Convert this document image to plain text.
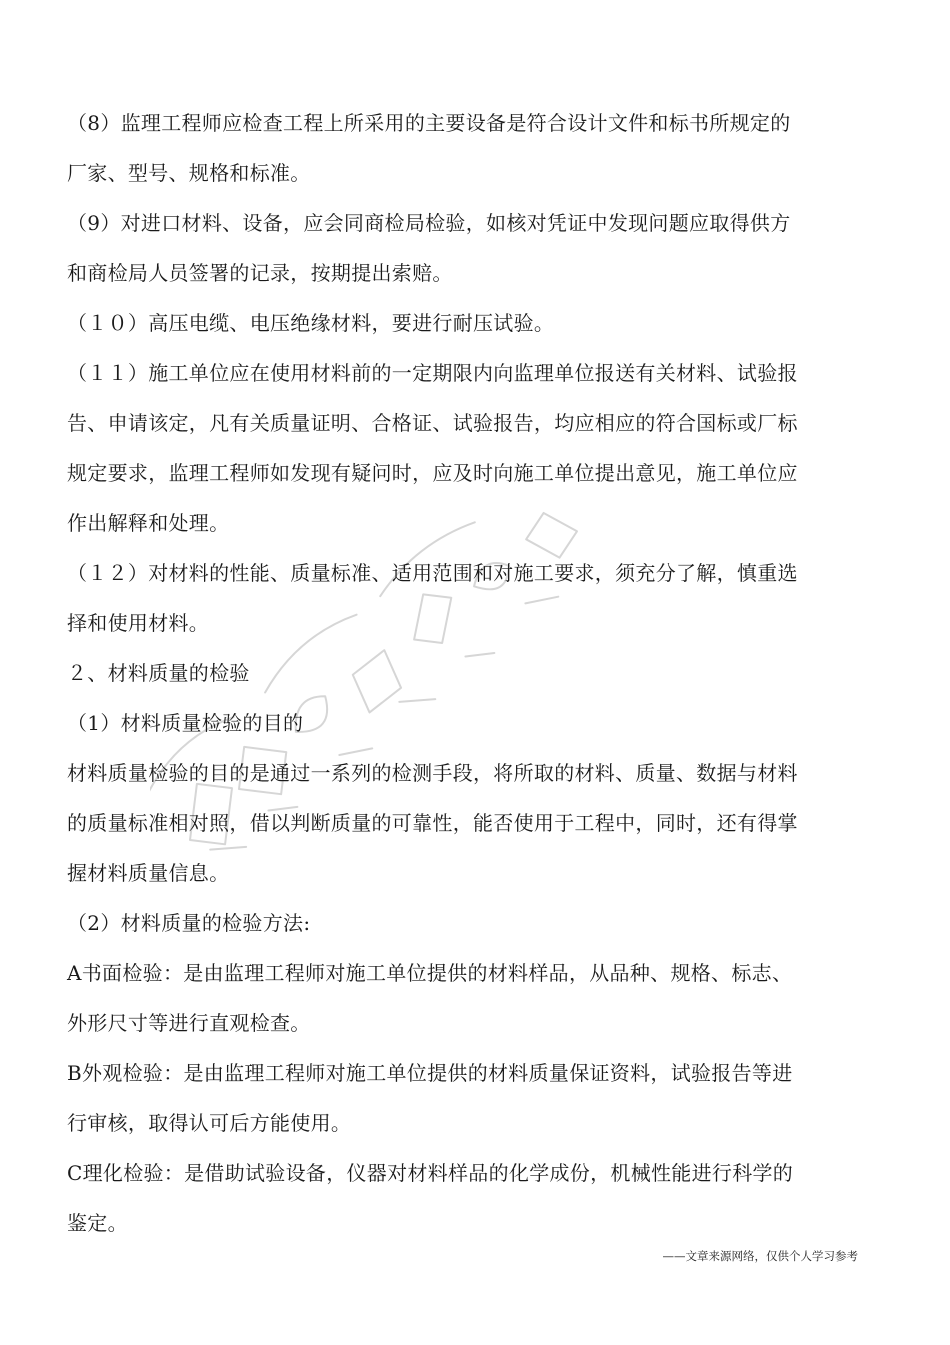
（8）监理工程师应检查工程上所采用的主要设备是符合设计文件和标书所规定的
厂家、型号、规格和标准。
（9）对进口材料、设备，应会同商检局检验，如核对凭证中发现问题应取得供方
和商检局人员签署的记录，按期提出索赔。
（１０）高压电缆、电压绝缘材料，要进行耐压试验。
（１１）施工单位应在使用材料前的一定期限内向监理单位报送有关材料、试验报
告、申请该定，凡有关质量证明、合格证、试验报告，均应相应的符合国标或厂标
规定要求，监理工程师如发现有疑问时，应及时向施工单位提出意见，施工单位应
作出解释和处理。
（１２）对材料的性能、质量标准、适用范围和对施工要求，须充分了解，慎重选
择和使用材料。
２、材料质量的检验
（1）材料质量检验的目的
材料质量检验的目的是通过一系列的检测手段，将所取的材料、质量、数据与材料
的质量标准相对照，借以判断质量的可靠性，能否使用于工程中，同时，还有得掌
握材料质量信息。
（2）材料质量的检验方法:
A书面检验：是由监理工程师对施工单位提供的材料样品，从品种、规格、标志、
外形尺寸等进行直观检查。
B外观检验：是由监理工程师对施工单位提供的材料质量保证资料，试验报告等进
行审核，取得认可后方能使用。
C理化检验：是借助试验设备，仪器对材料样品的化学成份，机械性能进行科学的
鉴定。
——文章来源网络，仅供个人学习参考
